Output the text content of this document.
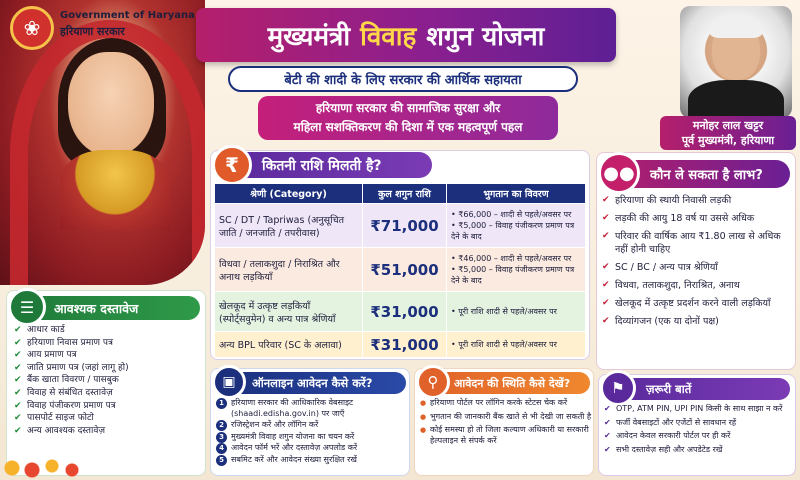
❀
Government of Haryana
हरियाणा सरकार	मुख्यमंत्री विवाह शगुन योजना
बेटी की शादी के लिए सरकार की आर्थिक सहायता
हरियाणा सरकार की सामाजिक सुरक्षा और
महिला सशक्तिकरण की दिशा में एक महत्वपूर्ण पहल	मनोहर लाल खट्टर
पूर्व मुख्यमंत्री, हरियाणा
कितनी राशि मिलती है?
₹
श्रेणी (Category)	कुल शगुन राशि	भुगतान का विवरण
SC / DT / Tapriwas (अनुसूचित जाति / जनजाति / तपरीवास)	₹71,000	• ₹66,000 – शादी से पहले/अवसर पर
• ₹5,000 – विवाह पंजीकरण प्रमाण पत्र देने के बाद

विधवा / तलाकशुदा / निराश्रित और अनाथ लड़कियाँ	₹51,000	• ₹46,000 – शादी से पहले/अवसर पर
• ₹5,000 – विवाह पंजीकरण प्रमाण पत्र देने के बाद

खेलकूद में उत्कृष्ट लड़कियाँ (स्पोर्ट्सवुमेन) व अन्य पात्र श्रेणियाँ	₹31,000	• पूरी राशि शादी से पहले/अवसर पर

अन्य BPL परिवार (SC के अलावा)	₹31,000	• पूरी राशि शादी से पहले/अवसर पर
कौन ले सकता है लाभ?
●●
✔ हरियाणा की स्थायी निवासी लड़की
✔ लड़की की आयु 18 वर्ष या उससे अधिक
✔ परिवार की वार्षिक आय ₹1.80 लाख से अधिक नहीं होनी चाहिए
✔ SC / BC / अन्य पात्र श्रेणियाँ
✔ विधवा, तलाकशुदा, निराश्रित, अनाथ
✔ खेलकूद में उत्कृष्ट प्रदर्शन करने वाली लड़कियाँ
✔ दिव्यांगजन (एक या दोनों पक्ष)
आवश्यक दस्तावेज
☰
✔ आधार कार्ड
✔ हरियाणा निवास प्रमाण पत्र
✔ आय प्रमाण पत्र
✔ जाति प्रमाण पत्र (जहां लागू हो)
✔ बैंक खाता विवरण / पासबुक
✔ विवाह से संबंधित दस्तावेज़
✔ विवाह पंजीकरण प्रमाण पत्र
✔ पासपोर्ट साइज फोटो
✔ अन्य आवश्यक दस्तावेज़
ऑनलाइन आवेदन कैसे करें?
▣
1 हरियाणा सरकार की आधिकारिक वेबसाइट (shaadi.edisha.gov.in) पर जाएँ
2 रजिस्ट्रेशन करें और लॉगिन करें
3 मुख्यमंत्री विवाह शगुन योजना का चयन करें
4 आवेदन फॉर्म भरें और दस्तावेज़ अपलोड करें
5 सबमिट करें और आवेदन संख्या सुरक्षित रखें
आवेदन की स्थिति कैसे देखें?
⚲
● हरियाणा पोर्टल पर लॉगिन करके स्टेटस चेक करें
● भुगतान की जानकारी बैंक खाते से भी देखी जा सकती है
● कोई समस्या हो तो जिला कल्याण अधिकारी या सरकारी हेल्पलाइन से संपर्क करें
ज़रूरी बातें
⚑
✔ OTP, ATM PIN, UPI PIN किसी के साथ साझा न करें
✔ फर्जी वेबसाइटों और एजेंटों से सावधान रहें
✔ आवेदन केवल सरकारी पोर्टल पर ही करें
✔ सभी दस्तावेज़ सही और अपडेटेड रखें
